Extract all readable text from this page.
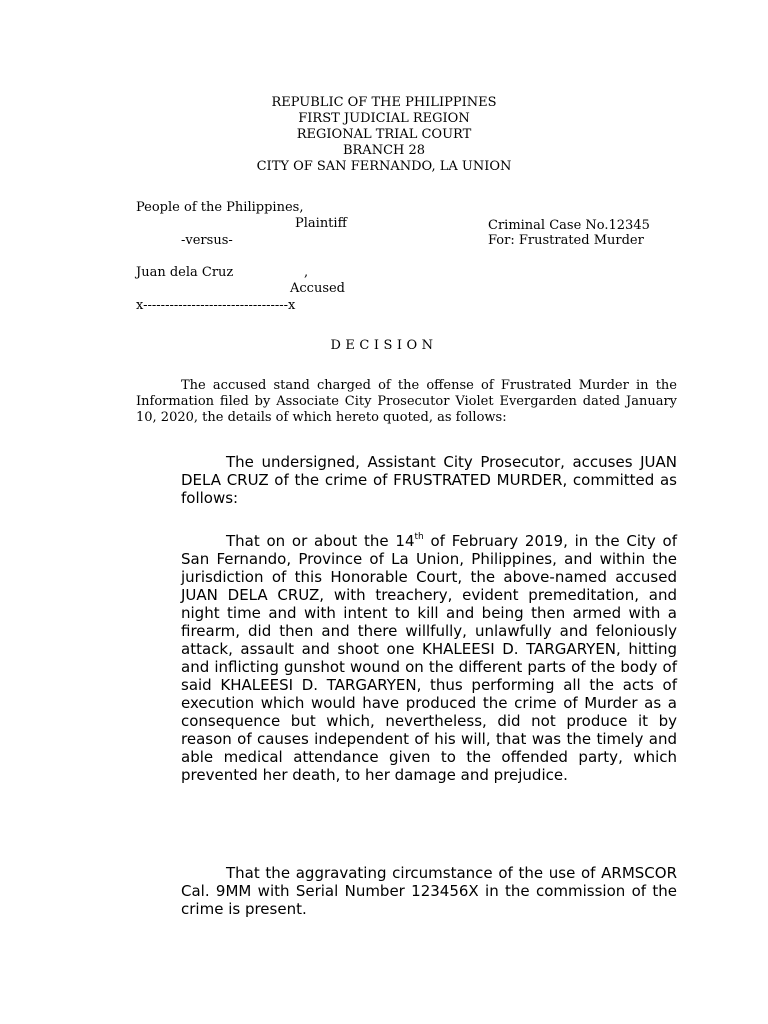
REPUBLIC OF THE PHILIPPINES
FIRST JUDICIAL REGION
REGIONAL TRIAL COURT
BRANCH 28
CITY OF SAN FERNANDO, LA UNION
People of the Philippines,
Plaintiff
-versus-
Juan dela Cruz	,
Accused
x---------------------------------x
Criminal Case No.12345
For: Frustrated Murder
DECISION
The accused stand charged of the offense of Frustrated Murder in the Information filed by Associate City Prosecutor Violet Evergarden dated January 10, 2020, the details of which hereto quoted, as follows:

The undersigned, Assistant City Prosecutor, accuses JUAN DELA CRUZ of the crime of FRUSTRATED MURDER, committed as follows:

That on or about the 14th of February 2019, in the City of San Fernando, Province of La Union, Philippines, and within the jurisdiction of this Honorable Court, the above-named accused JUAN DELA CRUZ, with treachery, evident premeditation, and night time and with intent to kill and being then armed with a firearm, did then and there willfully, unlawfully and feloniously attack, assault and shoot one KHALEESI D. TARGARYEN, hitting and inflicting gunshot wound on the different parts of the body of said KHALEESI D. TARGARYEN, thus performing all the acts of execution which would have produced the crime of Murder as a consequence but which, nevertheless, did not produce it by reason of causes independent of his will, that was the timely and able medical attendance given to the offended party, which prevented her death, to her damage and prejudice.

That the aggravating circumstance of the use of ARMSCOR Cal. 9MM with Serial Number 123456X in the commission of the crime is present.
